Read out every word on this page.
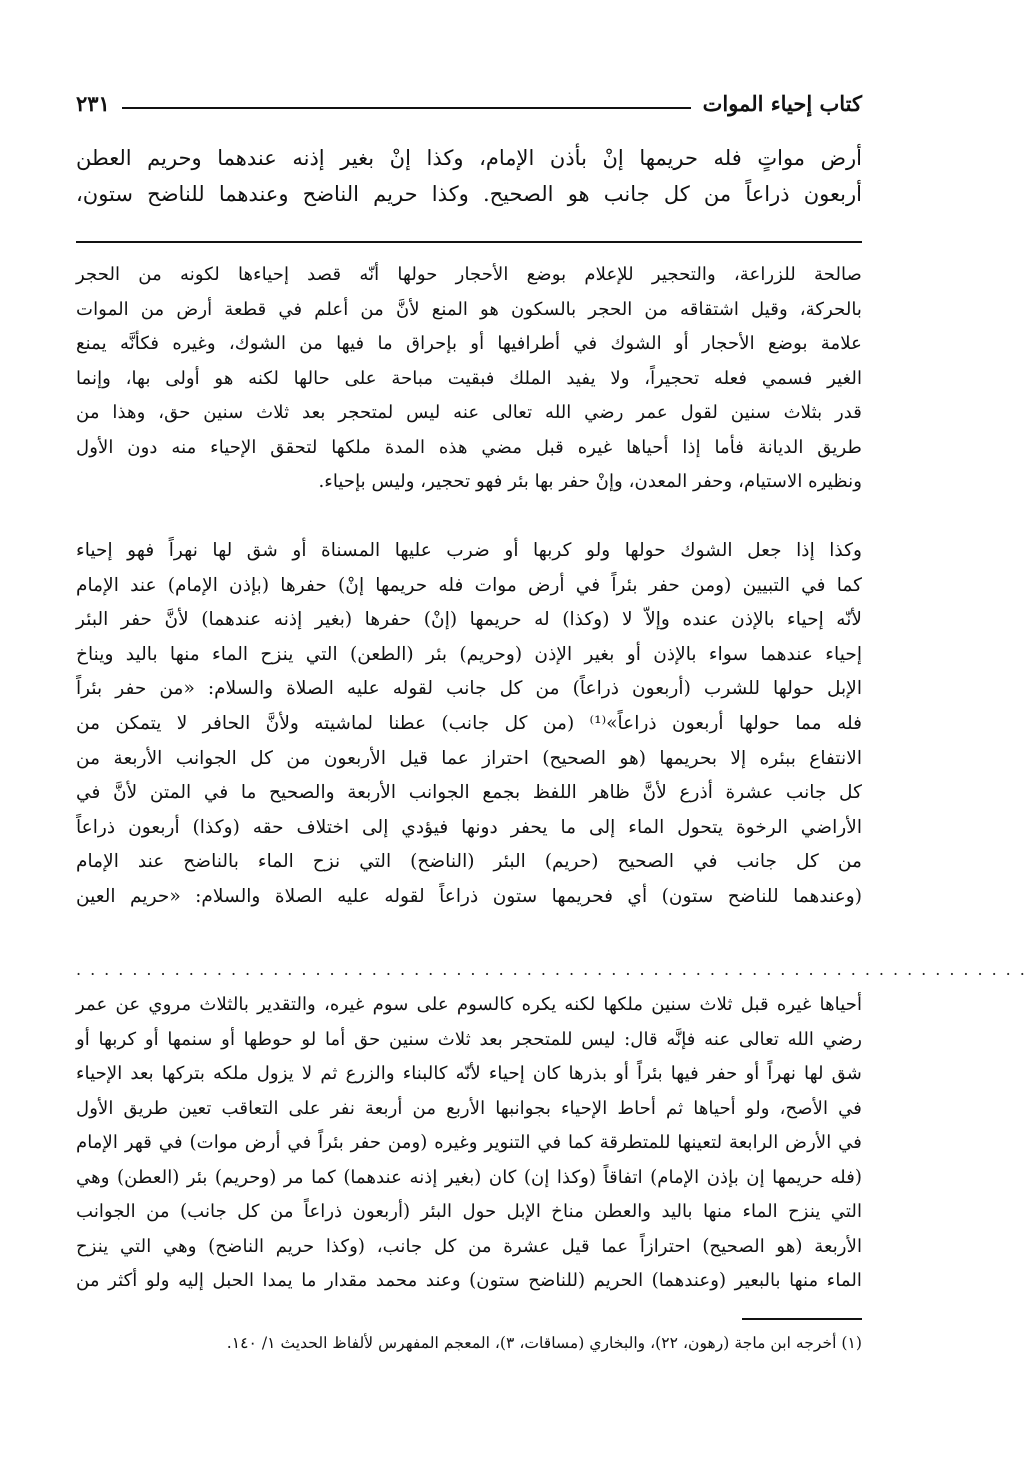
كتاب إحياء الموات
٢٣١
أرض مواتٍ فله حريمها إنْ بأذن الإمام، وكذا إنْ بغير إذنه عندهما وحريم العطن
أربعون ذراعاً من كل جانب هو الصحيح. وكذا حريم الناضح وعندهما للناضح ستون،
صالحة للزراعة، والتحجير للإعلام بوضع الأحجار حولها أنّه قصد إحياءها لكونه من الحجر
بالحركة، وقيل اشتقاقه من الحجر بالسكون هو المنع لأنَّ من أعلم في قطعة أرض من الموات
علامة بوضع الأحجار أو الشوك في أطرافيها أو بإحراق ما فيها من الشوك، وغيره فكأنَّه يمنع
الغير فسمي فعله تحجيراً، ولا يفيد الملك فبقيت مباحة على حالها لكنه هو أولى بها، وإنما
قدر بثلاث سنين لقول عمر رضي الله تعالى عنه ليس لمتحجر بعد ثلاث سنين حق، وهذا من
طريق الديانة فأما إذا أحياها غيره قبل مضي هذه المدة ملكها لتحقق الإحياء منه دون الأول
ونظيره الاستيام، وحفر المعدن، وإنْ حفر بها بئر فهو تحجير، وليس بإحياء.
وكذا إذا جعل الشوك حولها ولو كربها أو ضرب عليها المسناة أو شق لها نهراً فهو إحياء
كما في التبيين (ومن حفر بئراً في أرض موات فله حريمها إنْ) حفرها (بإذن الإمام) عند الإمام
لأنّه إحياء بالإذن عنده وإلاّ لا (وكذا) له حريمها (إنْ) حفرها (بغير إذنه عندهما) لأنَّ حفر البئر
إحياء عندهما سواء بالإذن أو بغير الإذن (وحريم) بئر (الطعن) التي ينزح الماء منها باليد ويناخ
الإبل حولها للشرب (أربعون ذراعاً) من كل جانب لقوله عليه الصلاة والسلام: «من حفر بئراً
فله مما حولها أربعون ذراعاً»⁽¹⁾ (من كل جانب) عطنا لماشيته ولأنَّ الحافر لا يتمكن من
الانتفاع ببئره إلا بحريمها (هو الصحيح) احتراز عما قيل الأربعون من كل الجوانب الأربعة من
كل جانب عشرة أذرع لأنَّ ظاهر اللفظ بجمع الجوانب الأربعة والصحيح ما في المتن لأنَّ في
الأراضي الرخوة يتحول الماء إلى ما يحفر دونها فيؤدي إلى اختلاف حقه (وكذا) أربعون ذراعاً
من كل جانب في الصحيح (حريم) البئر (الناضح) التي نزح الماء بالناضح عند الإمام
(وعندهما للناضح ستون) أي فحريمها ستون ذراعاً لقوله عليه الصلاة والسلام: «حريم العين
....................................................................
أحياها غيره قبل ثلاث سنين ملكها لكنه يكره كالسوم على سوم غيره، والتقدير بالثلاث مروي عن عمر
رضي الله تعالى عنه فإنَّه قال: ليس للمتحجر بعد ثلاث سنين حق أما لو حوطها أو سنمها أو كربها أو
شق لها نهراً أو حفر فيها بئراً أو بذرها كان إحياء لأنّه كالبناء والزرع ثم لا يزول ملكه بتركها بعد الإحياء
في الأصح، ولو أحياها ثم أحاط الإحياء بجوانبها الأربع من أربعة نفر على التعاقب تعين طريق الأول
في الأرض الرابعة لتعينها للمتطرقة كما في التنوير وغيره (ومن حفر بئراً في أرض موات) في قهر الإمام
(فله حريمها إن بإذن الإمام) اتفاقاً (وكذا إن) كان (بغير إذنه عندهما) كما مر (وحريم) بئر (العطن) وهي
التي ينزح الماء منها باليد والعطن مناخ الإبل حول البئر (أربعون ذراعاً من كل جانب) من الجوانب
الأربعة (هو الصحيح) احترازاً عما قيل عشرة من كل جانب، (وكذا حريم الناضح) وهي التي ينزح
الماء منها بالبعير (وعندهما) الحريم (للناضح ستون) وعند محمد مقدار ما يمدا الحبل إليه ولو أكثر من
(١) أخرجه ابن ماجة (رهون، ٢٢)، والبخاري (مساقات، ٣)، المعجم المفهرس لألفاظ الحديث ١/ ١٤٠.
